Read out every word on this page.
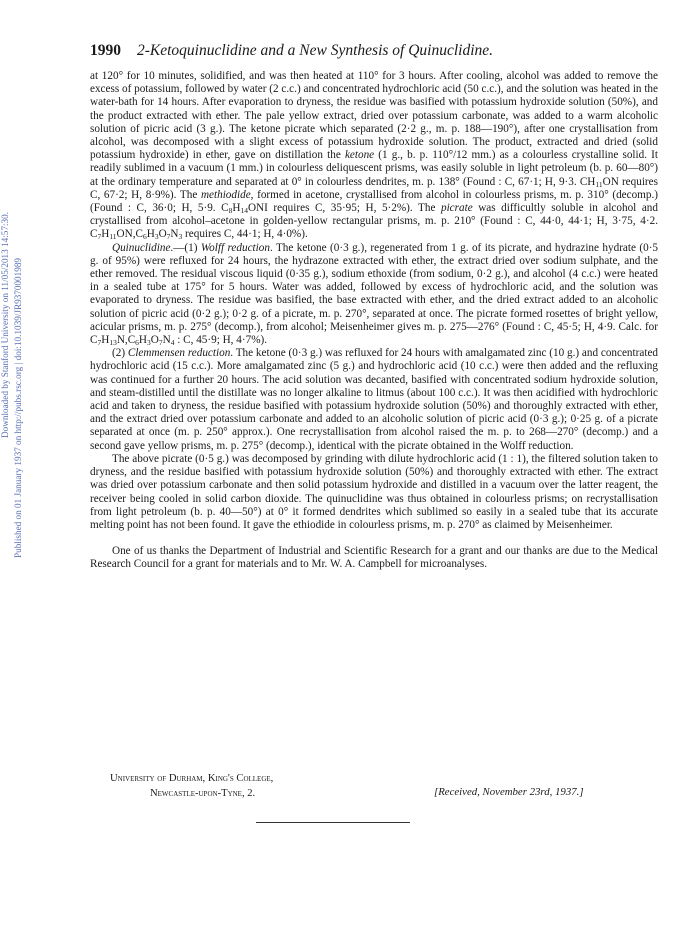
Downloaded by Stanford University on 11/05/2013 14:57:30. Published on 01 January 1937 on http://pubs.rsc.org | doi:10.1039/JR9370001989
1990 2-Ketoquinuclidine and a New Synthesis of Quinuclidine.

at 120° for 10 minutes, solidified, and was then heated at 110° for 3 hours. After cooling, alcohol was added to remove the excess of potassium, followed by water (2 c.c.) and concentrated hydrochloric acid (50 c.c.), and the solution was heated in the water-bath for 14 hours. After evaporation to dryness, the residue was basified with potassium hydroxide solution (50%), and the product extracted with ether. The pale yellow extract, dried over potassium carbonate, was added to a warm alcoholic solution of picric acid (3 g.). The ketone picrate which separated (2·2 g., m. p. 188—190°), after one crystallisation from alcohol, was decomposed with a slight excess of potassium hydroxide solution. The product, extracted and dried (solid potassium hydroxide) in ether, gave on distillation the ketone (1 g., b. p. 110°/12 mm.) as a colourless crystalline solid. It readily sublimed in a vacuum (1 mm.) in colourless deliquescent prisms, was easily soluble in light petroleum (b. p. 60—80°) at the ordinary temperature and separated at 0° in colourless dendrites, m. p. 138° (Found : C, 67·1; H, 9·3. $CH_{11}ON$ requires C, 67·2; H, 8·9%). The methiodide, formed in acetone, crystallised from alcohol in colourless prisms, m. p. 310° (decomp.) (Found : C, 36·0; H, 5·9. $C_8H_{14}ONI$ requires C, 35·95; H, 5·2%). The picrate was difficultly soluble in alcohol and crystallised from alcohol–acetone in golden-yellow rectangular prisms, m. p. 210° (Found : C, 44·0, 44·1; H, 3·75, 4·2. $C_7H_{11}ON,C_6H_3O_7N_3$ requires C, 44·1; H, 4·0%).

Quinuclidine.—(1) Wolff reduction. The ketone (0·3 g.), regenerated from 1 g. of its picrate, and hydrazine hydrate (0·5 g. of 95%) were refluxed for 24 hours, the hydrazone extracted with ether, the extract dried over sodium sulphate, and the ether removed. The residual viscous liquid (0·35 g.), sodium ethoxide (from sodium, 0·2 g.), and alcohol (4 c.c.) were heated in a sealed tube at 175° for 5 hours. Water was added, followed by excess of hydrochloric acid, and the solution was evaporated to dryness. The residue was basified, the base extracted with ether, and the dried extract added to an alcoholic solution of picric acid (0·2 g.); 0·2 g. of a picrate, m. p. 270°, separated at once. The picrate formed rosettes of bright yellow, acicular prisms, m. p. 275° (decomp.), from alcohol; Meisenheimer gives m. p. 275—276° (Found : C, 45·5; H, 4·9. Calc. for $C_7H_{13}N,C_6H_3O_7N_4$ : C, 45·9; H, 4·7%).

(2) Clemmensen reduction. The ketone (0·3 g.) was refluxed for 24 hours with amalgamated zinc (10 g.) and concentrated hydrochloric acid (15 c.c.). More amalgamated zinc (5 g.) and hydrochloric acid (10 c.c.) were then added and the refluxing was continued for a further 20 hours. The acid solution was decanted, basified with concentrated sodium hydroxide solution, and steam-distilled until the distillate was no longer alkaline to litmus (about 100 c.c.). It was then acidified with hydrochloric acid and taken to dryness, the residue basified with potassium hydroxide solution (50%) and thoroughly extracted with ether, and the extract dried over potassium carbonate and added to an alcoholic solution of picric acid (0·3 g.); 0·25 g. of a picrate separated at once (m. p. 250° approx.). One recrystallisation from alcohol raised the m. p. to 268—270° (decomp.) and a second gave yellow prisms, m. p. 275° (decomp.), identical with the picrate obtained in the Wolff reduction.

The above picrate (0·5 g.) was decomposed by grinding with dilute hydrochloric acid (1 : 1), the filtered solution taken to dryness, and the residue basified with potassium hydroxide solution (50%) and thoroughly extracted with ether. The extract was dried over potassium carbonate and then solid potassium hydroxide and distilled in a vacuum over the latter reagent, the receiver being cooled in solid carbon dioxide. The quinuclidine was thus obtained in colourless prisms; on recrystallisation from light petroleum (b. p. 40—50°) at 0° it formed dendrites which sublimed so easily in a sealed tube that its accurate melting point has not been found. It gave the ethiodide in colourless prisms, m. p. 270° as claimed by Meisenheimer.

One of us thanks the Department of Industrial and Scientific Research for a grant and our thanks are due to the Medical Research Council for a grant for materials and to Mr. W. A. Campbell for microanalyses.

University of Durham, King's College,
Newcastle-upon-Tyne, 2.	[Received, November 23rd, 1937.]
